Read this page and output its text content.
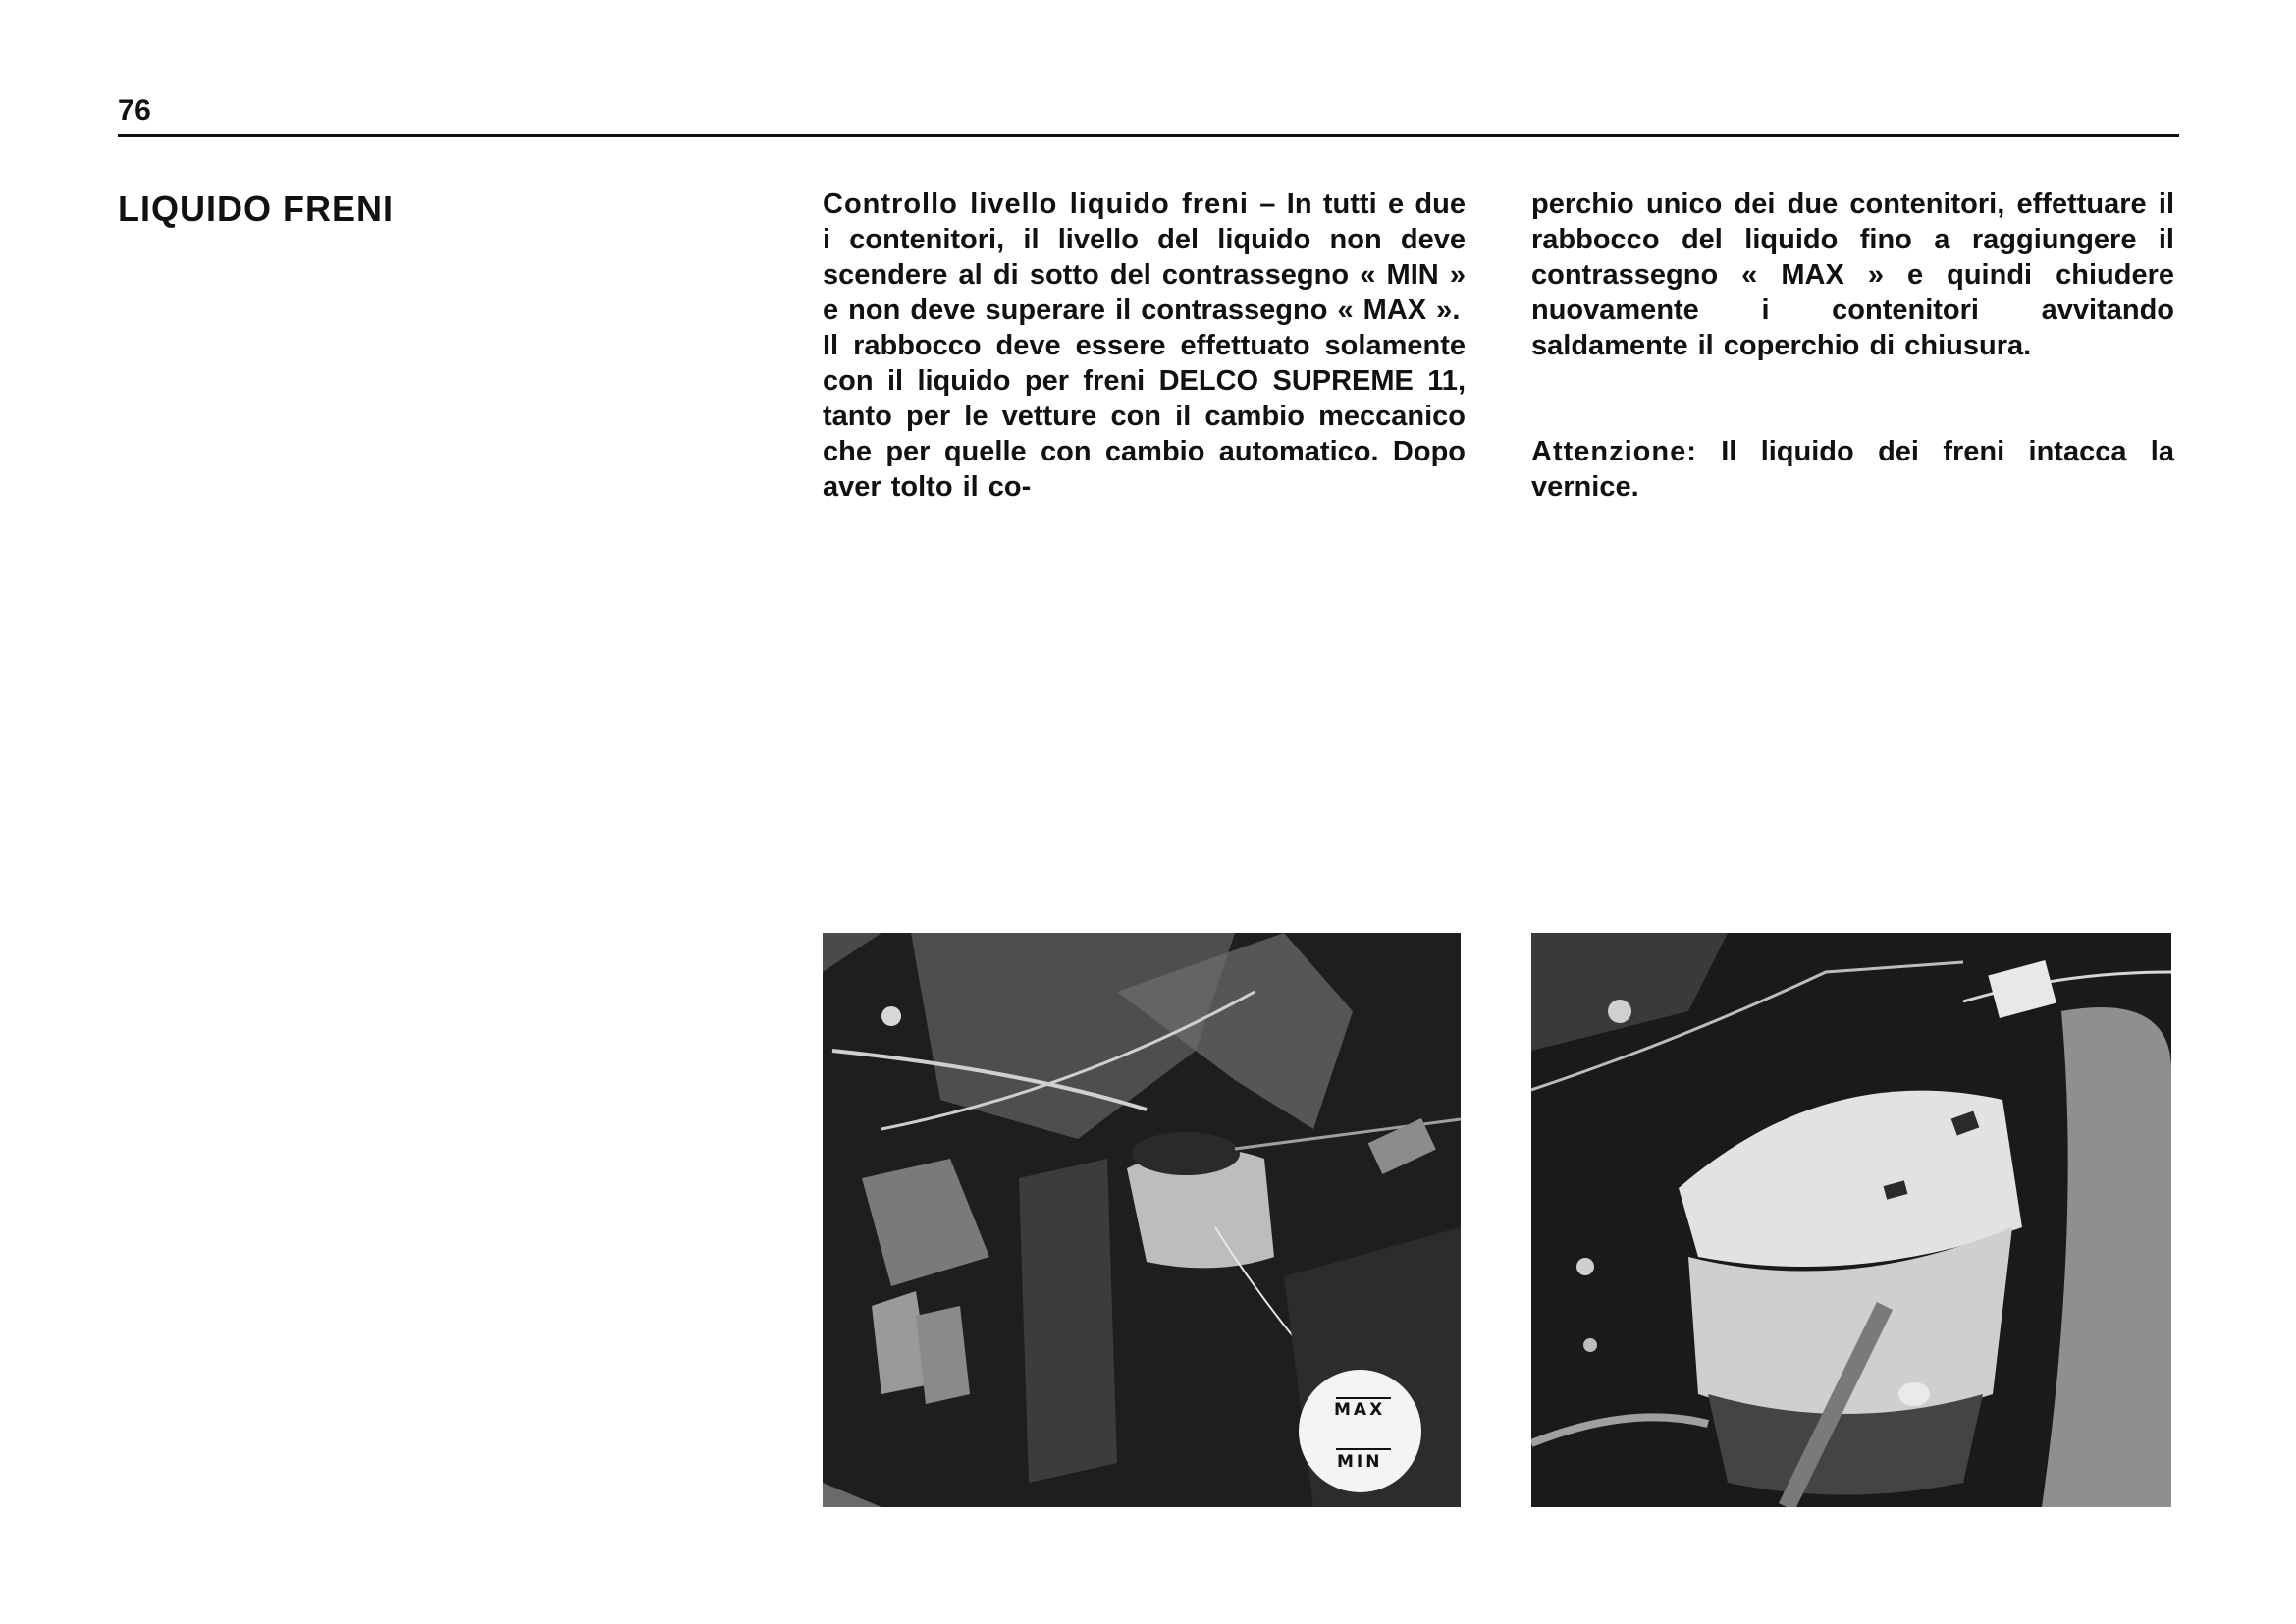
76
LIQUIDO FRENI	Controllo livello liquido freni – In tutti e due i contenitori, il livello del liquido non deve scendere al di sotto del contrassegno « MIN » e non deve superare il contrassegno « MAX ».

Il rabbocco deve essere effettuato solamente con il liquido per freni DELCO SUPREME 11, tanto per le vetture con il cambio meccanico che per quelle con cambio automatico. Dopo aver tolto il co-

perchio unico dei due contenitori, effettuare il rabbocco del liquido fino a raggiungere il contrassegno « MAX » e quindi chiudere nuovamente i contenitori avvitando saldamente il coperchio di chiusura.

Attenzione: Il liquido dei freni intacca la vernice.

MAX
MIN
